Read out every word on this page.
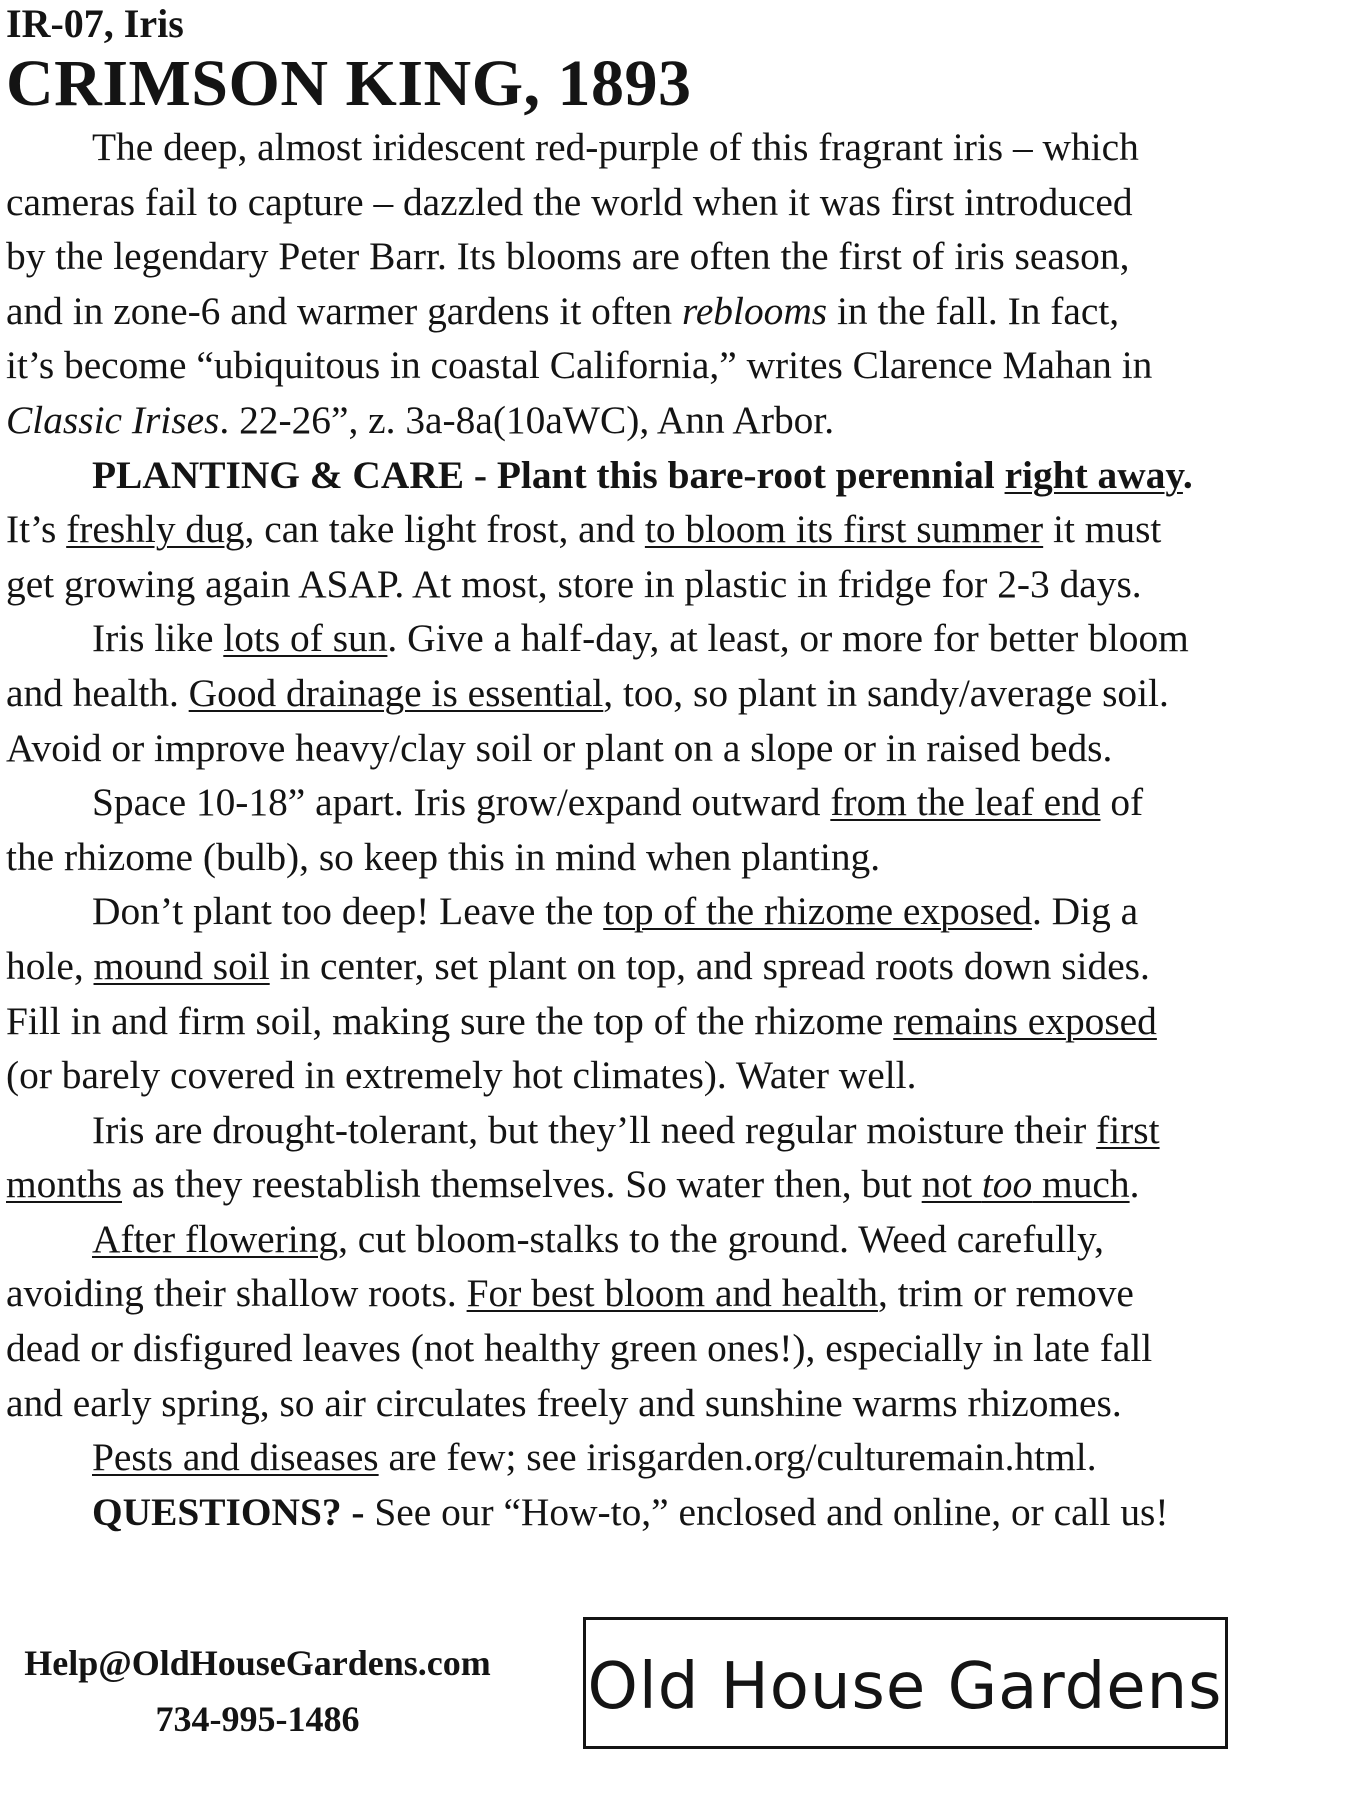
IR-07, Iris
CRIMSON KING, 1893
The deep, almost iridescent red-purple of this fragrant iris – which
cameras fail to capture – dazzled the world when it was first introduced
by the legendary Peter Barr. Its blooms are often the first of iris season,
and in zone-6 and warmer gardens it often reblooms in the fall. In fact,
it’s become “ubiquitous in coastal California,” writes Clarence Mahan in
Classic Irises. 22-26”, z. 3a-8a(10aWC), Ann Arbor.
PLANTING & CARE - Plant this bare-root perennial right away.
It’s freshly dug, can take light frost, and to bloom its first summer it must
get growing again ASAP. At most, store in plastic in fridge for 2-3 days.
Iris like lots of sun. Give a half-day, at least, or more for better bloom
and health. Good drainage is essential, too, so plant in sandy/average soil.
Avoid or improve heavy/clay soil or plant on a slope or in raised beds.
Space 10-18” apart. Iris grow/expand outward from the leaf end of
the rhizome (bulb), so keep this in mind when planting.
Don’t plant too deep! Leave the top of the rhizome exposed. Dig a
hole, mound soil in center, set plant on top, and spread roots down sides.
Fill in and firm soil, making sure the top of the rhizome remains exposed
(or barely covered in extremely hot climates). Water well.
Iris are drought-tolerant, but they’ll need regular moisture their first
months as they reestablish themselves. So water then, but not too much.
After flowering, cut bloom-stalks to the ground. Weed carefully,
avoiding their shallow roots. For best bloom and health, trim or remove
dead or disfigured leaves (not healthy green ones!), especially in late fall
and early spring, so air circulates freely and sunshine warms rhizomes.
Pests and diseases are few; see irisgarden.org/culturemain.html.
QUESTIONS? - See our “How-to,” enclosed and online, or call us!
Help@OldHouseGardens.com
734-995-1486	Old House Gardens
